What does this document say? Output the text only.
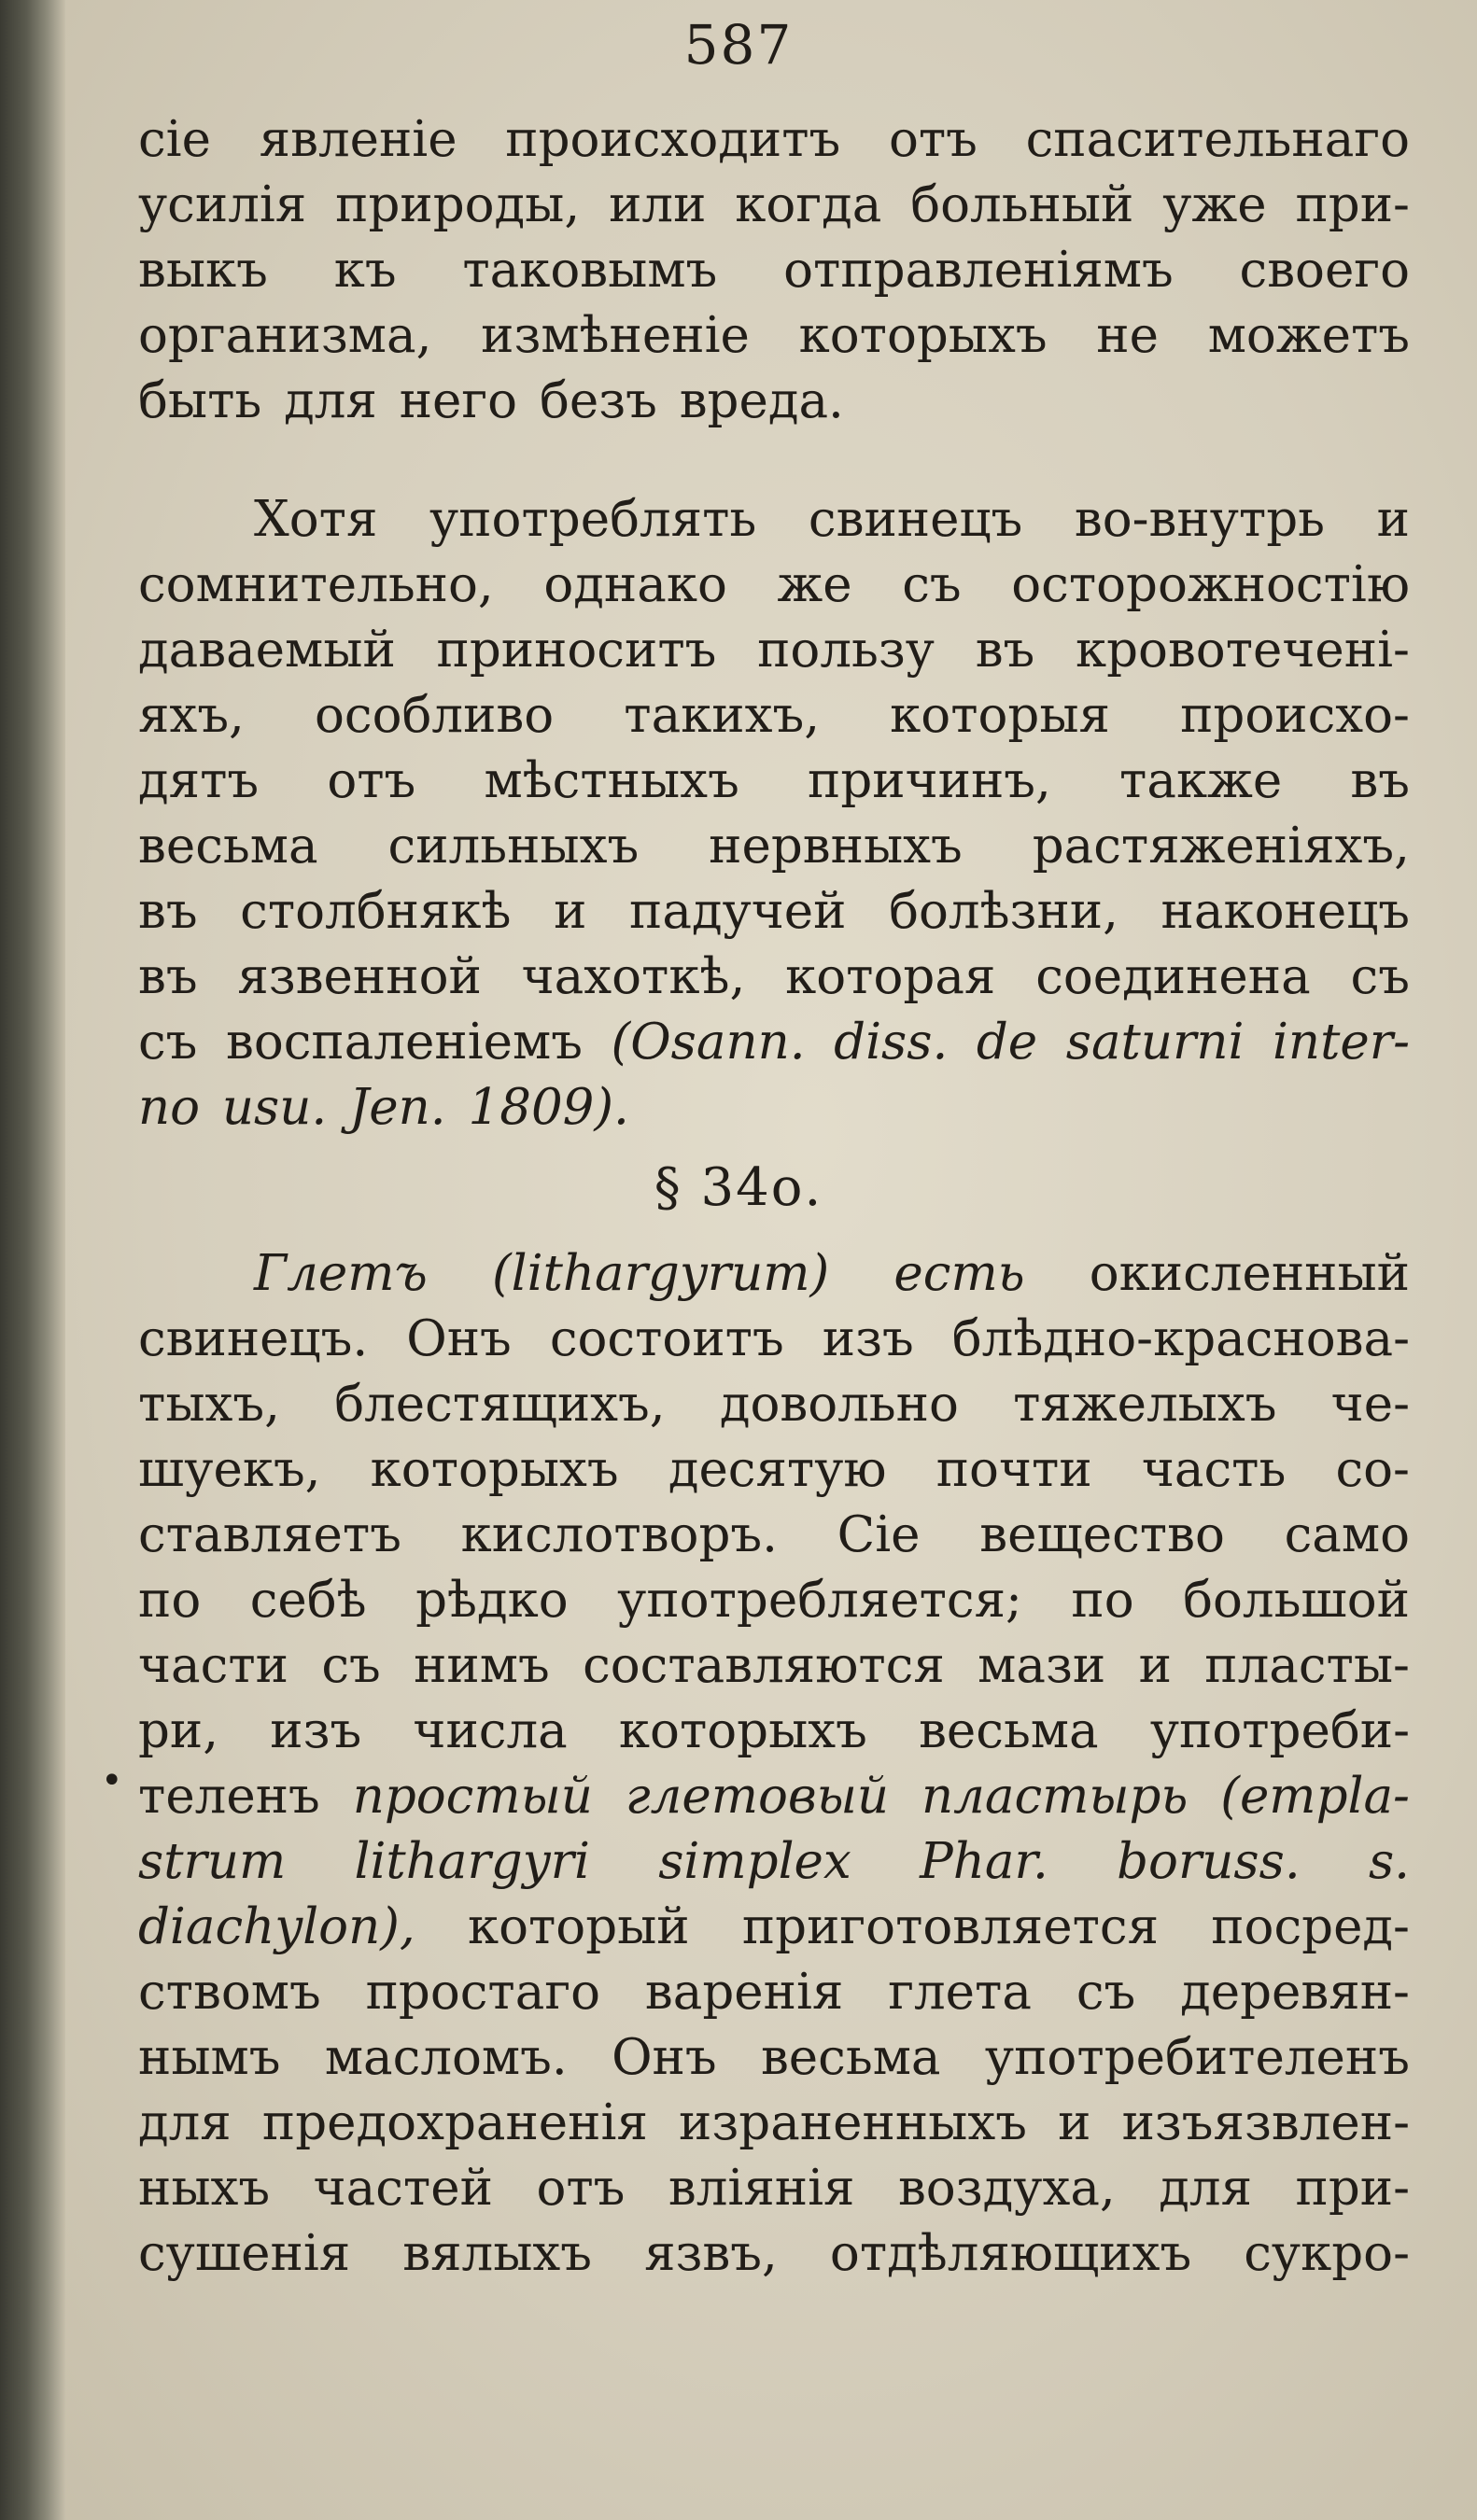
587
•
сіе явленіе происходитъ отъ спасительнаго
усилія природы, или когда больный уже при-
выкъ къ таковымъ отправленіямъ своего
организма, измѣненіе которыхъ не можетъ
быть для него безъ вреда.
Хотя употреблять свинецъ во-внутрь и
сомнительно, однако же съ осторожностію
даваемый приноситъ пользу въ кровотеченi-
яхъ, особливо такихъ, которыя происхо-
дятъ отъ мѣстныхъ причинъ, также въ
весьма сильныхъ нервныхъ растяженіяхъ,
въ столбнякѣ и падучей болѣзни, наконецъ
въ язвенной чахоткѣ, которая соединена съ
съ воспаленіемъ (Osann. diss. de saturni inter-
no usu. Jen. 1809).
§ 34о.
Глетъ (lithargyrum) есть окисленный
свинецъ. Онъ состоитъ изъ блѣдно-краснова-
тыхъ, блестящихъ, довольно тяжелыхъ че-
шуекъ, которыхъ десятую почти часть со-
ставляетъ кислотворъ. Сіе вещество само
по себѣ рѣдко употребляется; по большой
части съ нимъ составляются мази и пласты-
ри, изъ числа которыхъ весьма употреби-
теленъ простый глетовый пластырь (empla-
strum lithargyri simplex Phar. boruss. s.
diachylon), который приготовляется посред-
ствомъ простаго варенія глета съ деревян-
нымъ масломъ. Онъ весьма употребителенъ
для предохраненія израненныхъ и изъязвлен-
ныхъ частей отъ вліянія воздуха, для при-
сушенія вялыхъ язвъ, отдѣляющихъ сукро-
